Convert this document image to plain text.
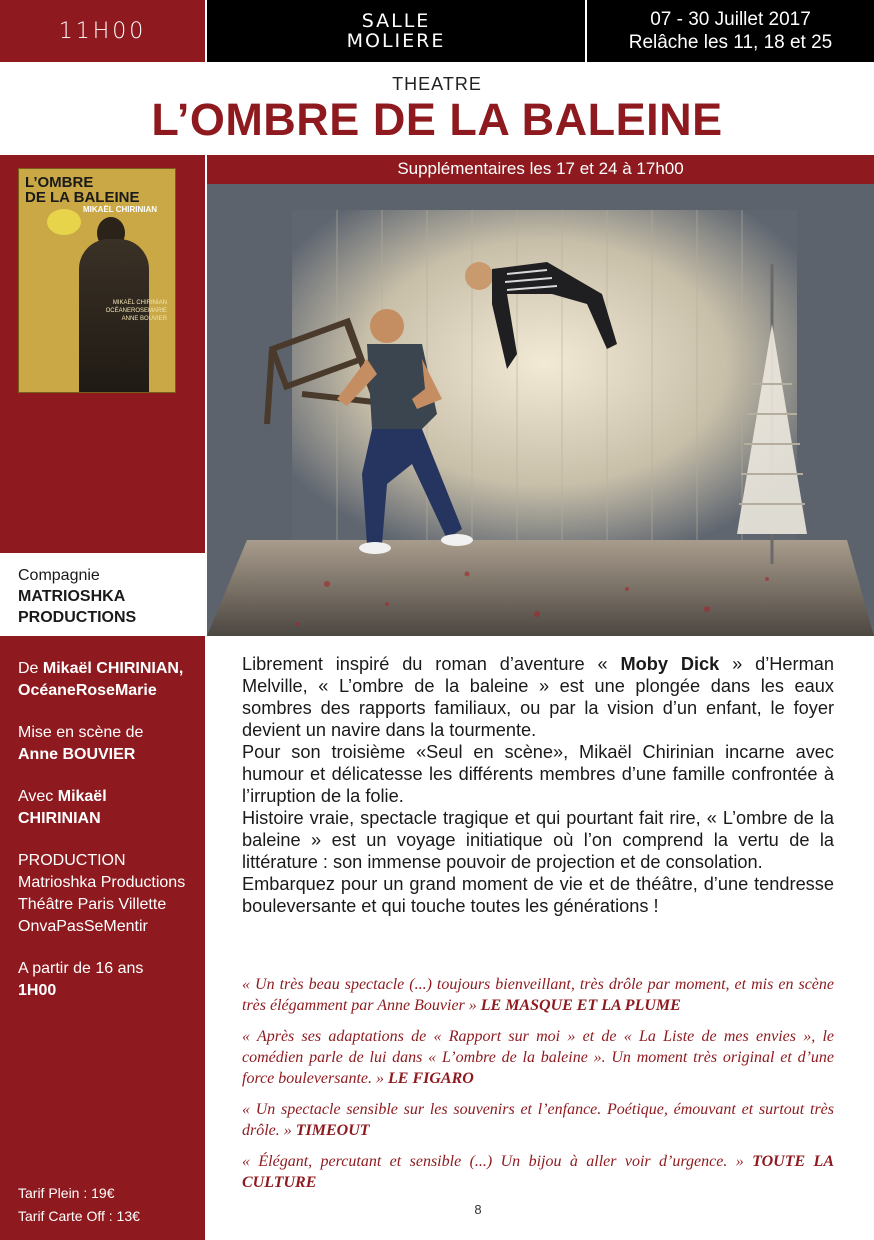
11H00	SALLE
MOLIERE
07 - 30 Juillet 2017
Relâche les 11, 18 et 25
THEATRE
L’OMBRE DE LA BALEINE
L’OMBRE
DE LA BALEINE
MIKAËL CHIRINIAN
MIKAËL CHIRINIAN
OCÉANEROSEMARIE
ANNE BOUVIER
Compagnie
MATRIOSHKA
PRODUCTIONS
De Mikaël CHIRINIAN,
OcéaneRoseMarie
Mise en scène de
Anne BOUVIER
Avec Mikaël
CHIRINIAN
PRODUCTION
Matrioshka Productions
Théâtre Paris Villette
OnvaPasSeMentir
A partir de 16 ans
1H00
Tarif Plein : 19€
Tarif Carte Off : 13€
Supplémentaires les 17 et 24 à 17h00

Librement inspiré du roman d’aventure « Moby Dick » d’Herman Melville, « L’ombre de la baleine » est une plongée dans les eaux sombres des rapports familiaux, ou par la vision d’un enfant, le foyer devient un navire dans la tourmente.

Pour son troisième «Seul en scène», Mikaël Chirinian incarne avec humour et délicatesse les différents membres d’une famille confrontée à l’irruption de la folie.

Histoire vraie, spectacle tragique et qui pourtant fait rire, « L’ombre de la baleine » est un voyage initiatique où l’on comprend la vertu de la littérature : son immense pouvoir de projection et de consolation.

Embarquez pour un grand moment de vie et de théâtre, d’une tendresse bouleversante et qui touche toutes les générations !

« Un très beau spectacle (...) toujours bienveillant, très drôle par moment, et mis en scène très élégamment par Anne Bouvier » LE MASQUE ET LA PLUME
« Après ses adaptations de « Rapport sur moi » et de « La Liste de mes envies », le comédien parle de lui dans « L’ombre de la baleine ». Un moment très original et d’une force bouleversante. » LE FIGARO
« Un spectacle sensible sur les souvenirs et l’enfance. Poétique, émouvant et surtout très drôle. » TIMEOUT
« Élégant, percutant et sensible (...) Un bijou à aller voir d’urgence. » TOUTE LA CULTURE
8
